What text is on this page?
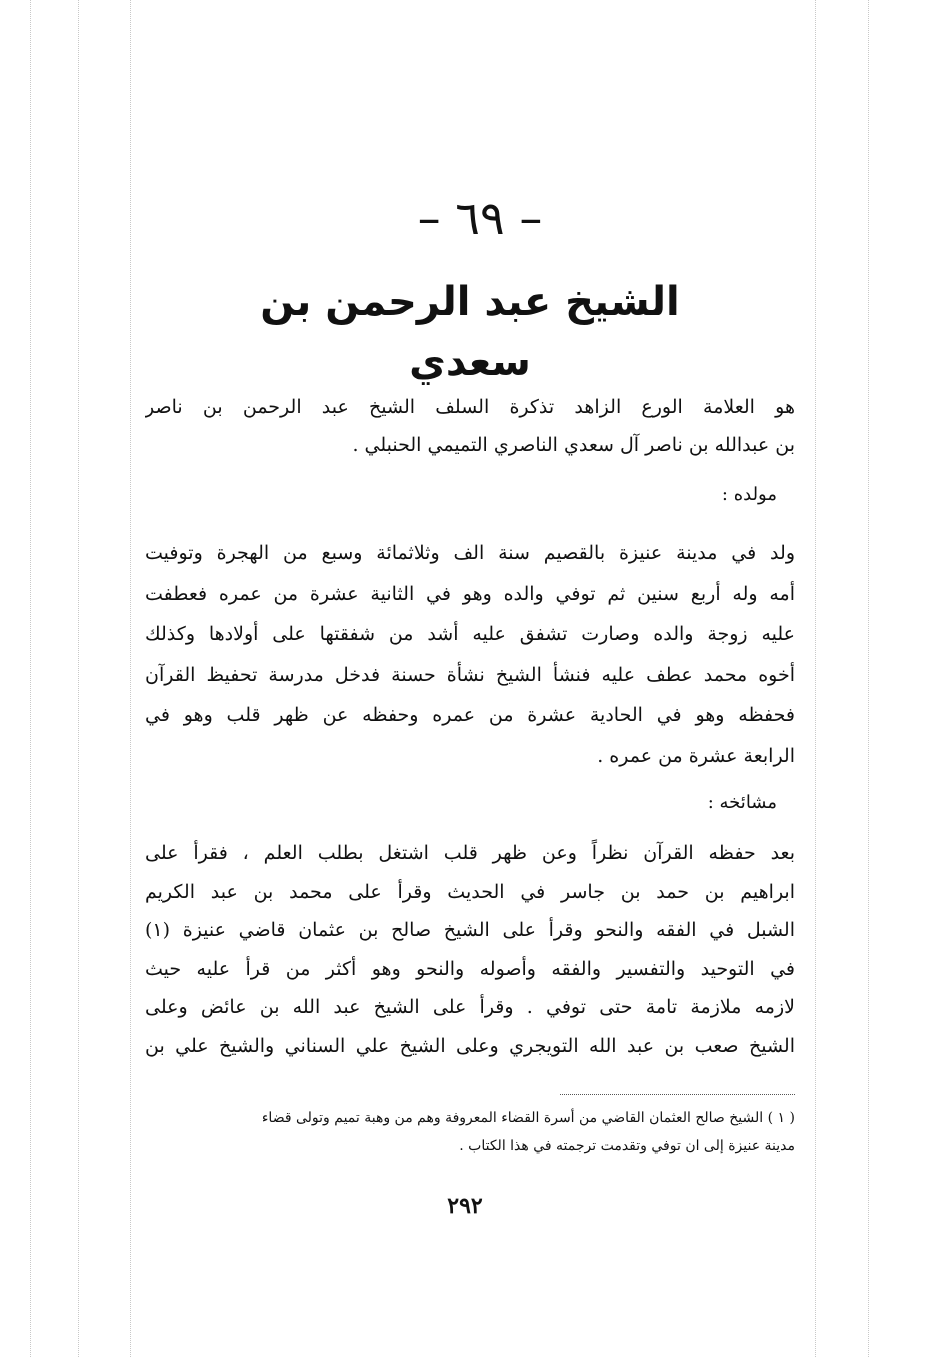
– ٦٩ –
الشيخ عبد الرحمن بن سعدي
هو العلامة الورع الزاهد تذكرة السلف الشيخ عبد الرحمن بن ناصر
بن عبدالله بن ناصر آل سعدي الناصري التميمي الحنبلي .
مولده :
ولد في مدينة عنيزة بالقصيم سنة الف وثلاثمائة وسبع من الهجرة وتوفيت
أمه وله أربع سنين ثم توفي والده وهو في الثانية عشرة من عمره فعطفت
عليه زوجة والده وصارت تشفق عليه أشد من شفقتها على أولادها وكذلك
أخوه محمد عطف عليه فنشأ الشيخ نشأة حسنة فدخل مدرسة تحفيظ القرآن
فحفظه وهو في الحادية عشرة من عمره وحفظه عن ظهر قلب وهو في
الرابعة عشرة من عمره .
مشائخه :
بعد حفظه القرآن نظراً وعن ظهر قلب اشتغل بطلب العلم ، فقرأ على
ابراهيم بن حمد بن جاسر في الحديث وقرأ على محمد بن عبد الكريم
الشبل في الفقه والنحو وقرأ على الشيخ صالح بن عثمان قاضي عنيزة (١)
في التوحيد والتفسير والفقه وأصوله والنحو وهو أكثر من قرأ عليه حيث
لازمه ملازمة تامة حتى توفي . وقرأ على الشيخ عبد الله بن عائض وعلى
الشيخ صعب بن عبد الله التويجري وعلى الشيخ علي السناني والشيخ علي بن
( ١ ) الشيخ صالح العثمان القاضي من أسرة القضاء المعروفة وهم من وهبة تميم وتولى قضاء
مدينة عنيزة إلى ان توفي وتقدمت ترجمته في هذا الكتاب .
٢٩٢
